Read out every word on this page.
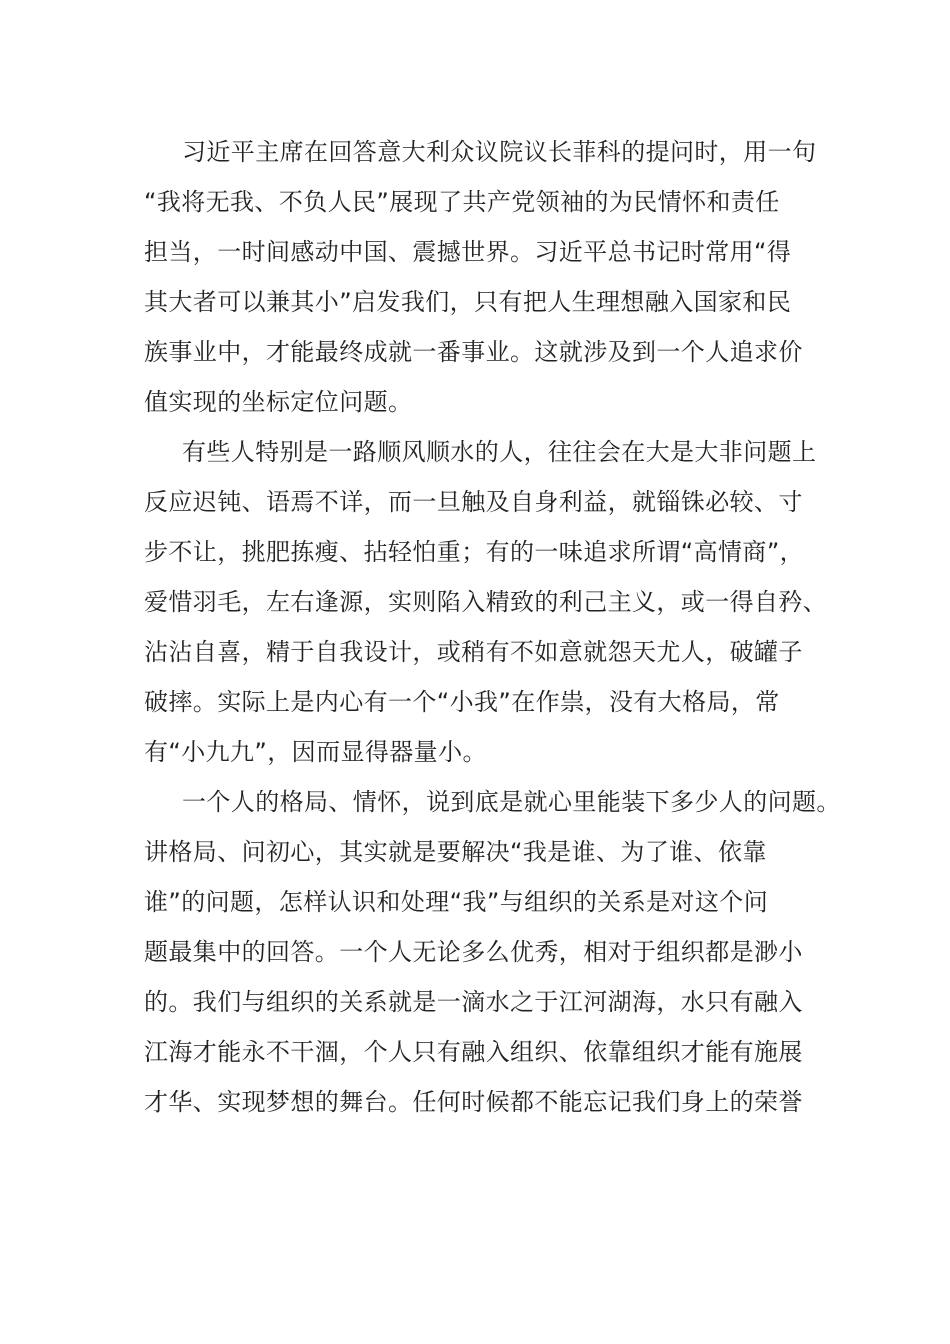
习近平主席在回答意大利众议院议长菲科的提问时，用一句
“我将无我、不负人民”展现了共产党领袖的为民情怀和责任
担当，一时间感动中国、震撼世界。习近平总书记时常用“得
其大者可以兼其小”启发我们，只有把人生理想融入国家和民
族事业中，才能最终成就一番事业。这就涉及到一个人追求价
值实现的坐标定位问题。
有些人特别是一路顺风顺水的人，往往会在大是大非问题上
反应迟钝、语焉不详，而一旦触及自身利益，就锱铢必较、寸
步不让，挑肥拣瘦、拈轻怕重；有的一味追求所谓“高情商”，
爱惜羽毛，左右逢源，实则陷入精致的利己主义，或一得自矜、
沾沾自喜，精于自我设计，或稍有不如意就怨天尤人，破罐子
破摔。实际上是内心有一个“小我”在作祟，没有大格局，常
有“小九九”，因而显得器量小。
一个人的格局、情怀，说到底是就心里能装下多少人的问题。
讲格局、问初心，其实就是要解决“我是谁、为了谁、依靠
谁”的问题，怎样认识和处理“我”与组织的关系是对这个问
题最集中的回答。一个人无论多么优秀，相对于组织都是渺小
的。我们与组织的关系就是一滴水之于江河湖海，水只有融入
江海才能永不干涸，个人只有融入组织、依靠组织才能有施展
才华、实现梦想的舞台。任何时候都不能忘记我们身上的荣誉
